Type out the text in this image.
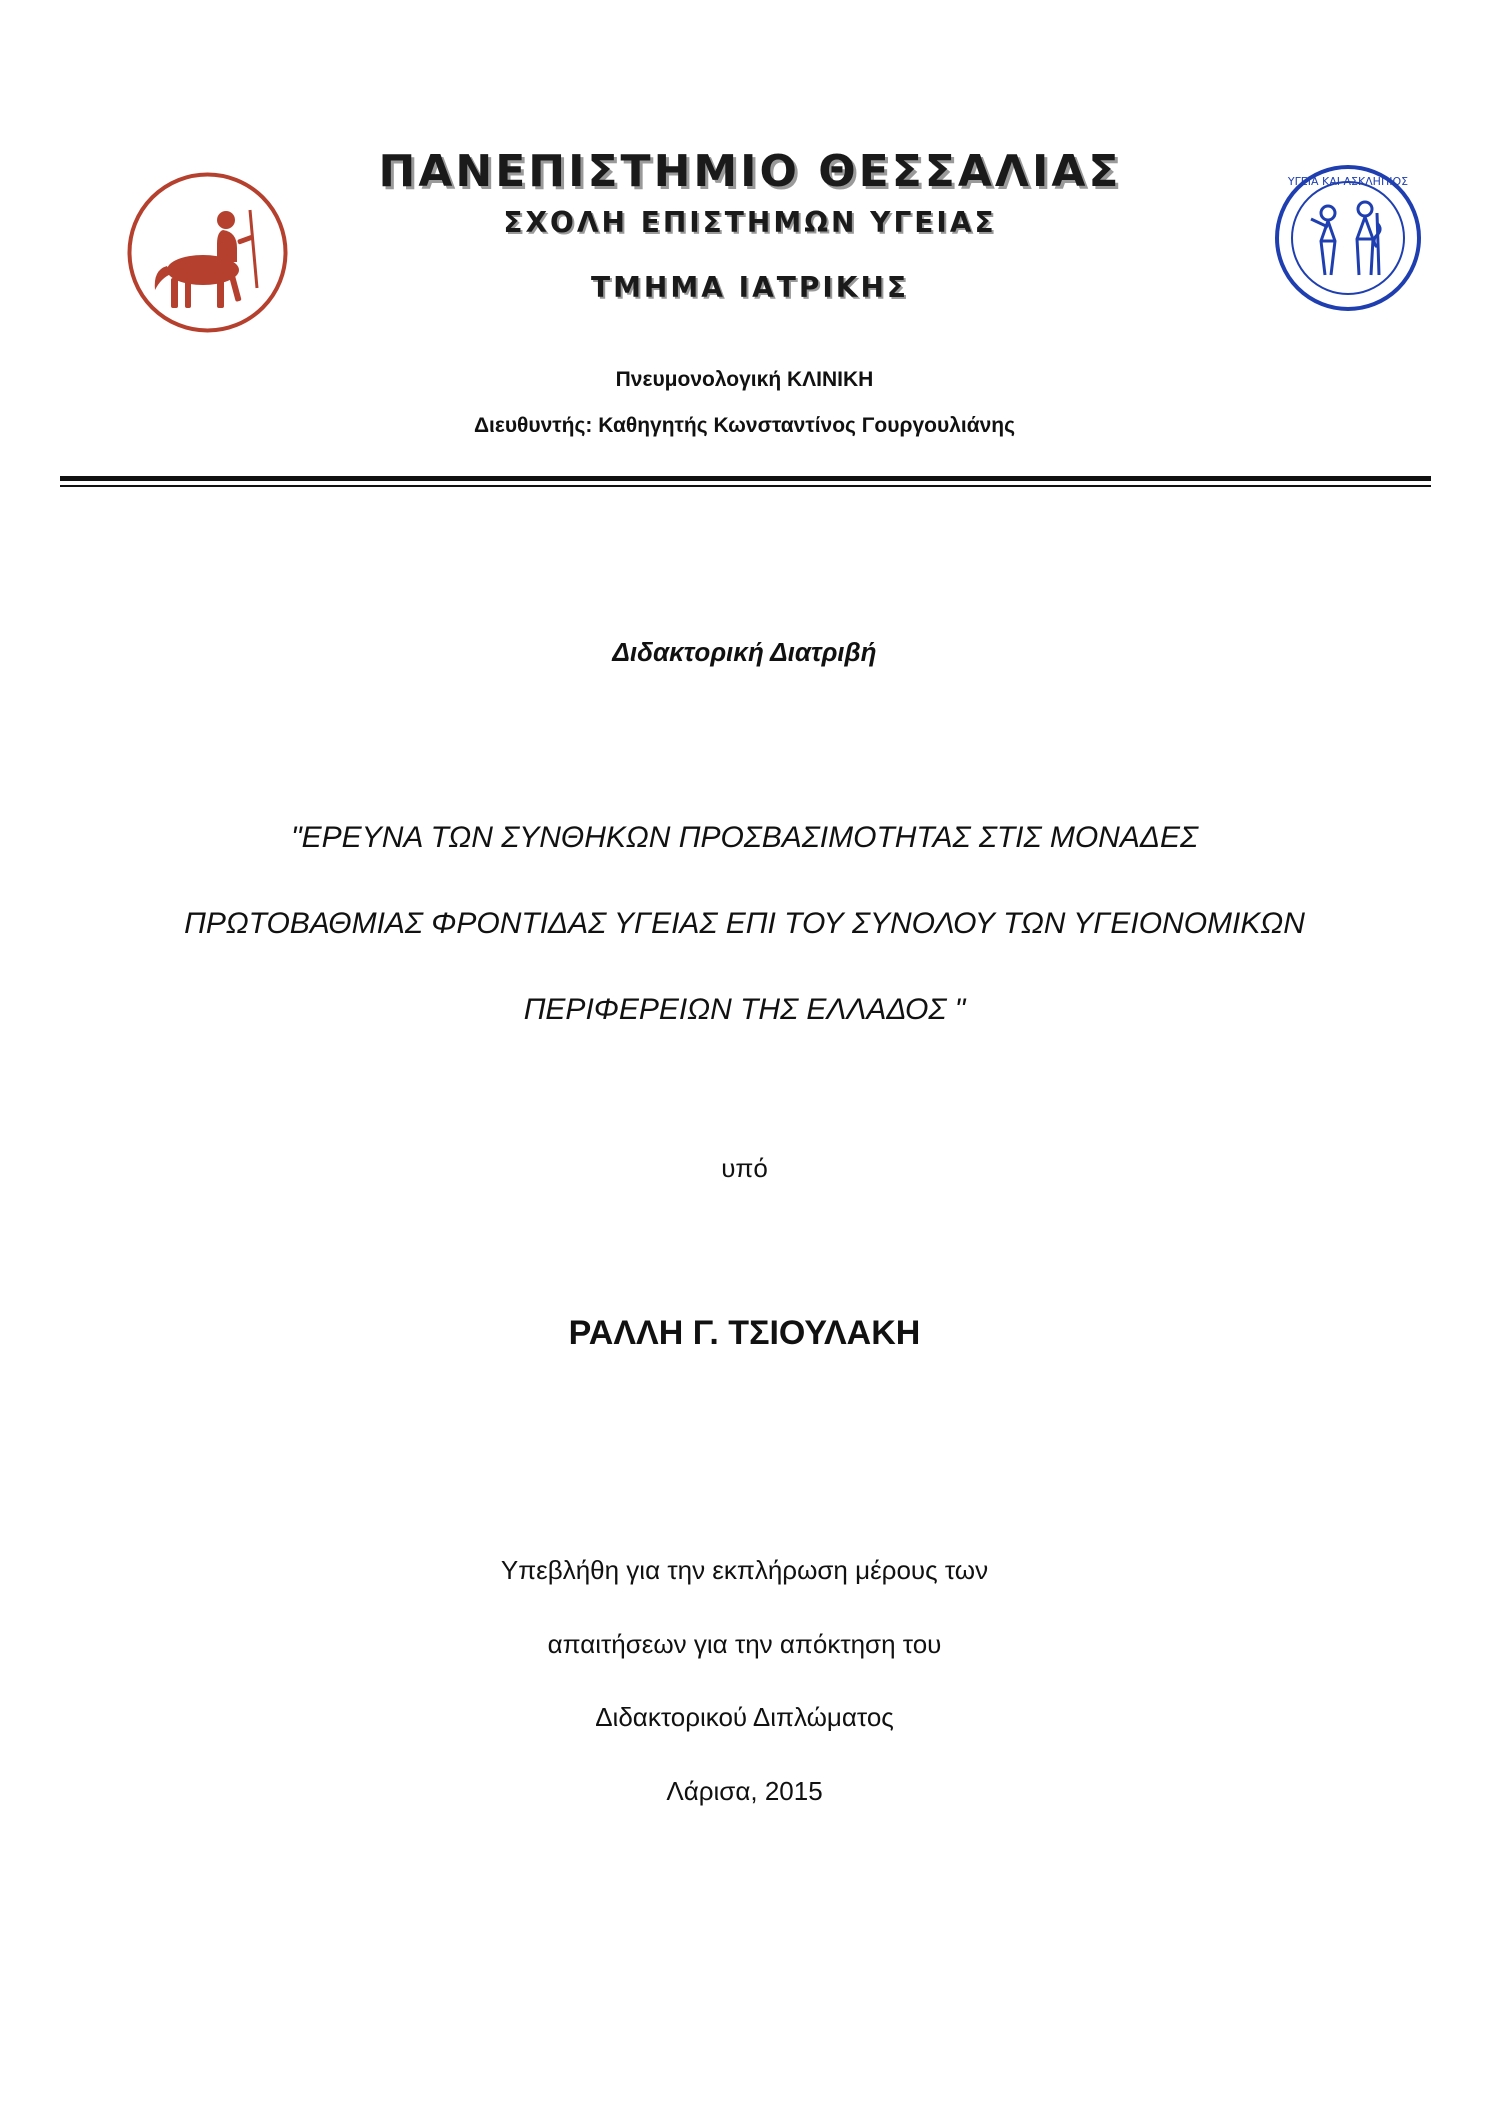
ΥΓΕΙΑ ΚΑΙ ΑΣΚΛΗΠΙΟΣ
ΠΑΝΕΠΙΣΤΗΜΙΟ ΘΕΣΣΑΛΙΑΣ
ΣΧΟΛΗ ΕΠΙΣΤΗΜΩΝ ΥΓΕΙΑΣ
ΤΜΗΜΑ ΙΑΤΡΙΚΗΣ
Πνευμονολογική ΚΛΙΝΙΚΗ
Διευθυντής: Καθηγητής Κωνσταντίνος Γουργουλιάνης
Διδακτορική Διατριβή
"ΕΡΕΥΝΑ ΤΩΝ ΣΥΝΘΗΚΩΝ ΠΡΟΣΒΑΣΙΜΟΤΗΤΑΣ ΣΤΙΣ ΜΟΝΑΔΕΣ
ΠΡΩΤΟΒΑΘΜΙΑΣ ΦΡΟΝΤΙΔΑΣ ΥΓΕΙΑΣ ΕΠΙ ΤΟΥ ΣΥΝΟΛΟΥ ΤΩΝ ΥΓΕΙΟΝΟΜΙΚΩΝ
ΠΕΡΙΦΕΡΕΙΩΝ ΤΗΣ ΕΛΛΑΔΟΣ "
υπό
ΡΑΛΛΗ Γ. ΤΣΙΟΥΛΑΚΗ
Υπεβλήθη για την εκπλήρωση μέρους των
απαιτήσεων για την απόκτηση του
Διδακτορικού Διπλώματος
Λάρισα, 2015
